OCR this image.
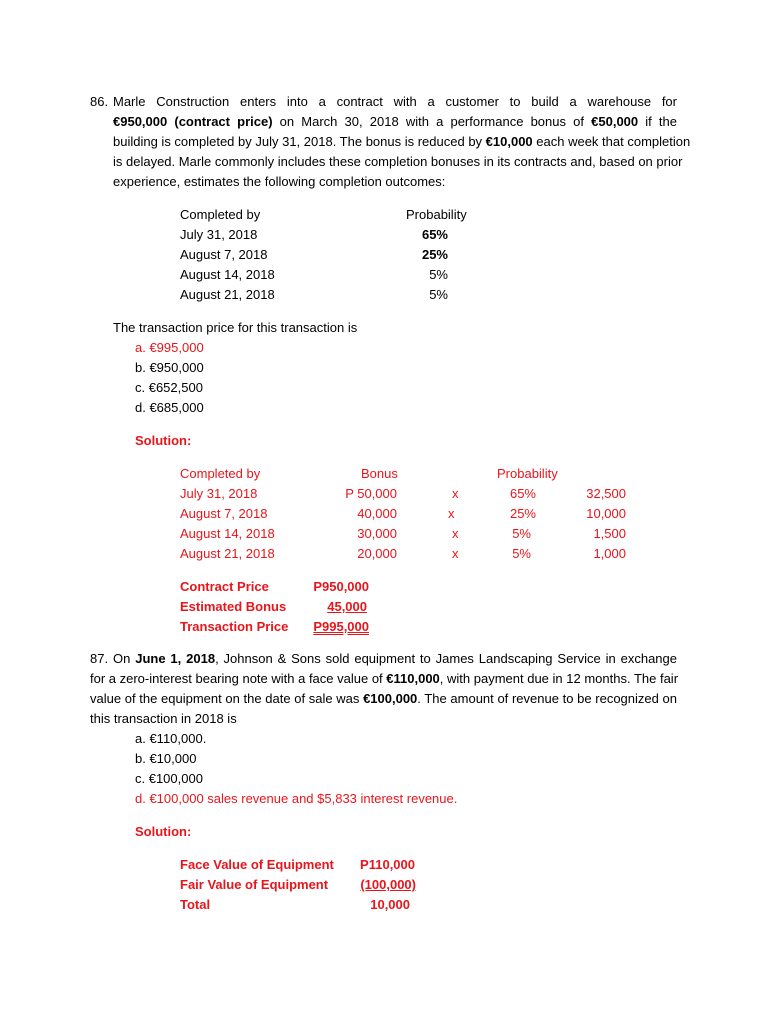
86. Marle Construction enters into a contract with a customer to build a warehouse for
€950,000 (contract price) on March 30, 2018 with a performance bonus of €50,000 if the
building is completed by July 31, 2018. The bonus is reduced by €10,000 each week that completion
is delayed. Marle commonly includes these completion bonuses in its contracts and, based on prior
experience, estimates the following completion outcomes:
Completed by	Probability
July 31, 2018	65%
August 7, 2018	25%
August 14, 2018	5%
August 21, 2018	5%
The transaction price for this transaction is
a. €995,000
b. €950,000
c. €652,500
d. €685,000
Solution:
Completed by	Bonus	Probability
July 31, 2018	P 50,000	x	65%	32,500
August 7, 2018	40,000	x	25%	10,000
August 14, 2018	30,000	x	5%	1,500
August 21, 2018	20,000	x	5%	1,000
Contract Price	P950,000
Estimated Bonus	45,000
Transaction Price	P995,000
87. On June 1, 2018, Johnson & Sons sold equipment to James Landscaping Service in exchange
for a zero-interest bearing note with a face value of €110,000, with payment due in 12 months. The fair
value of the equipment on the date of sale was €100,000. The amount of revenue to be recognized on
this transaction in 2018 is
a. €110,000.
b. €10,000
c. €100,000
d. €100,000 sales revenue and $5,833 interest revenue.
Solution:
Face Value of Equipment	P110,000
Fair Value of Equipment	(100,000)
Total	10,000
